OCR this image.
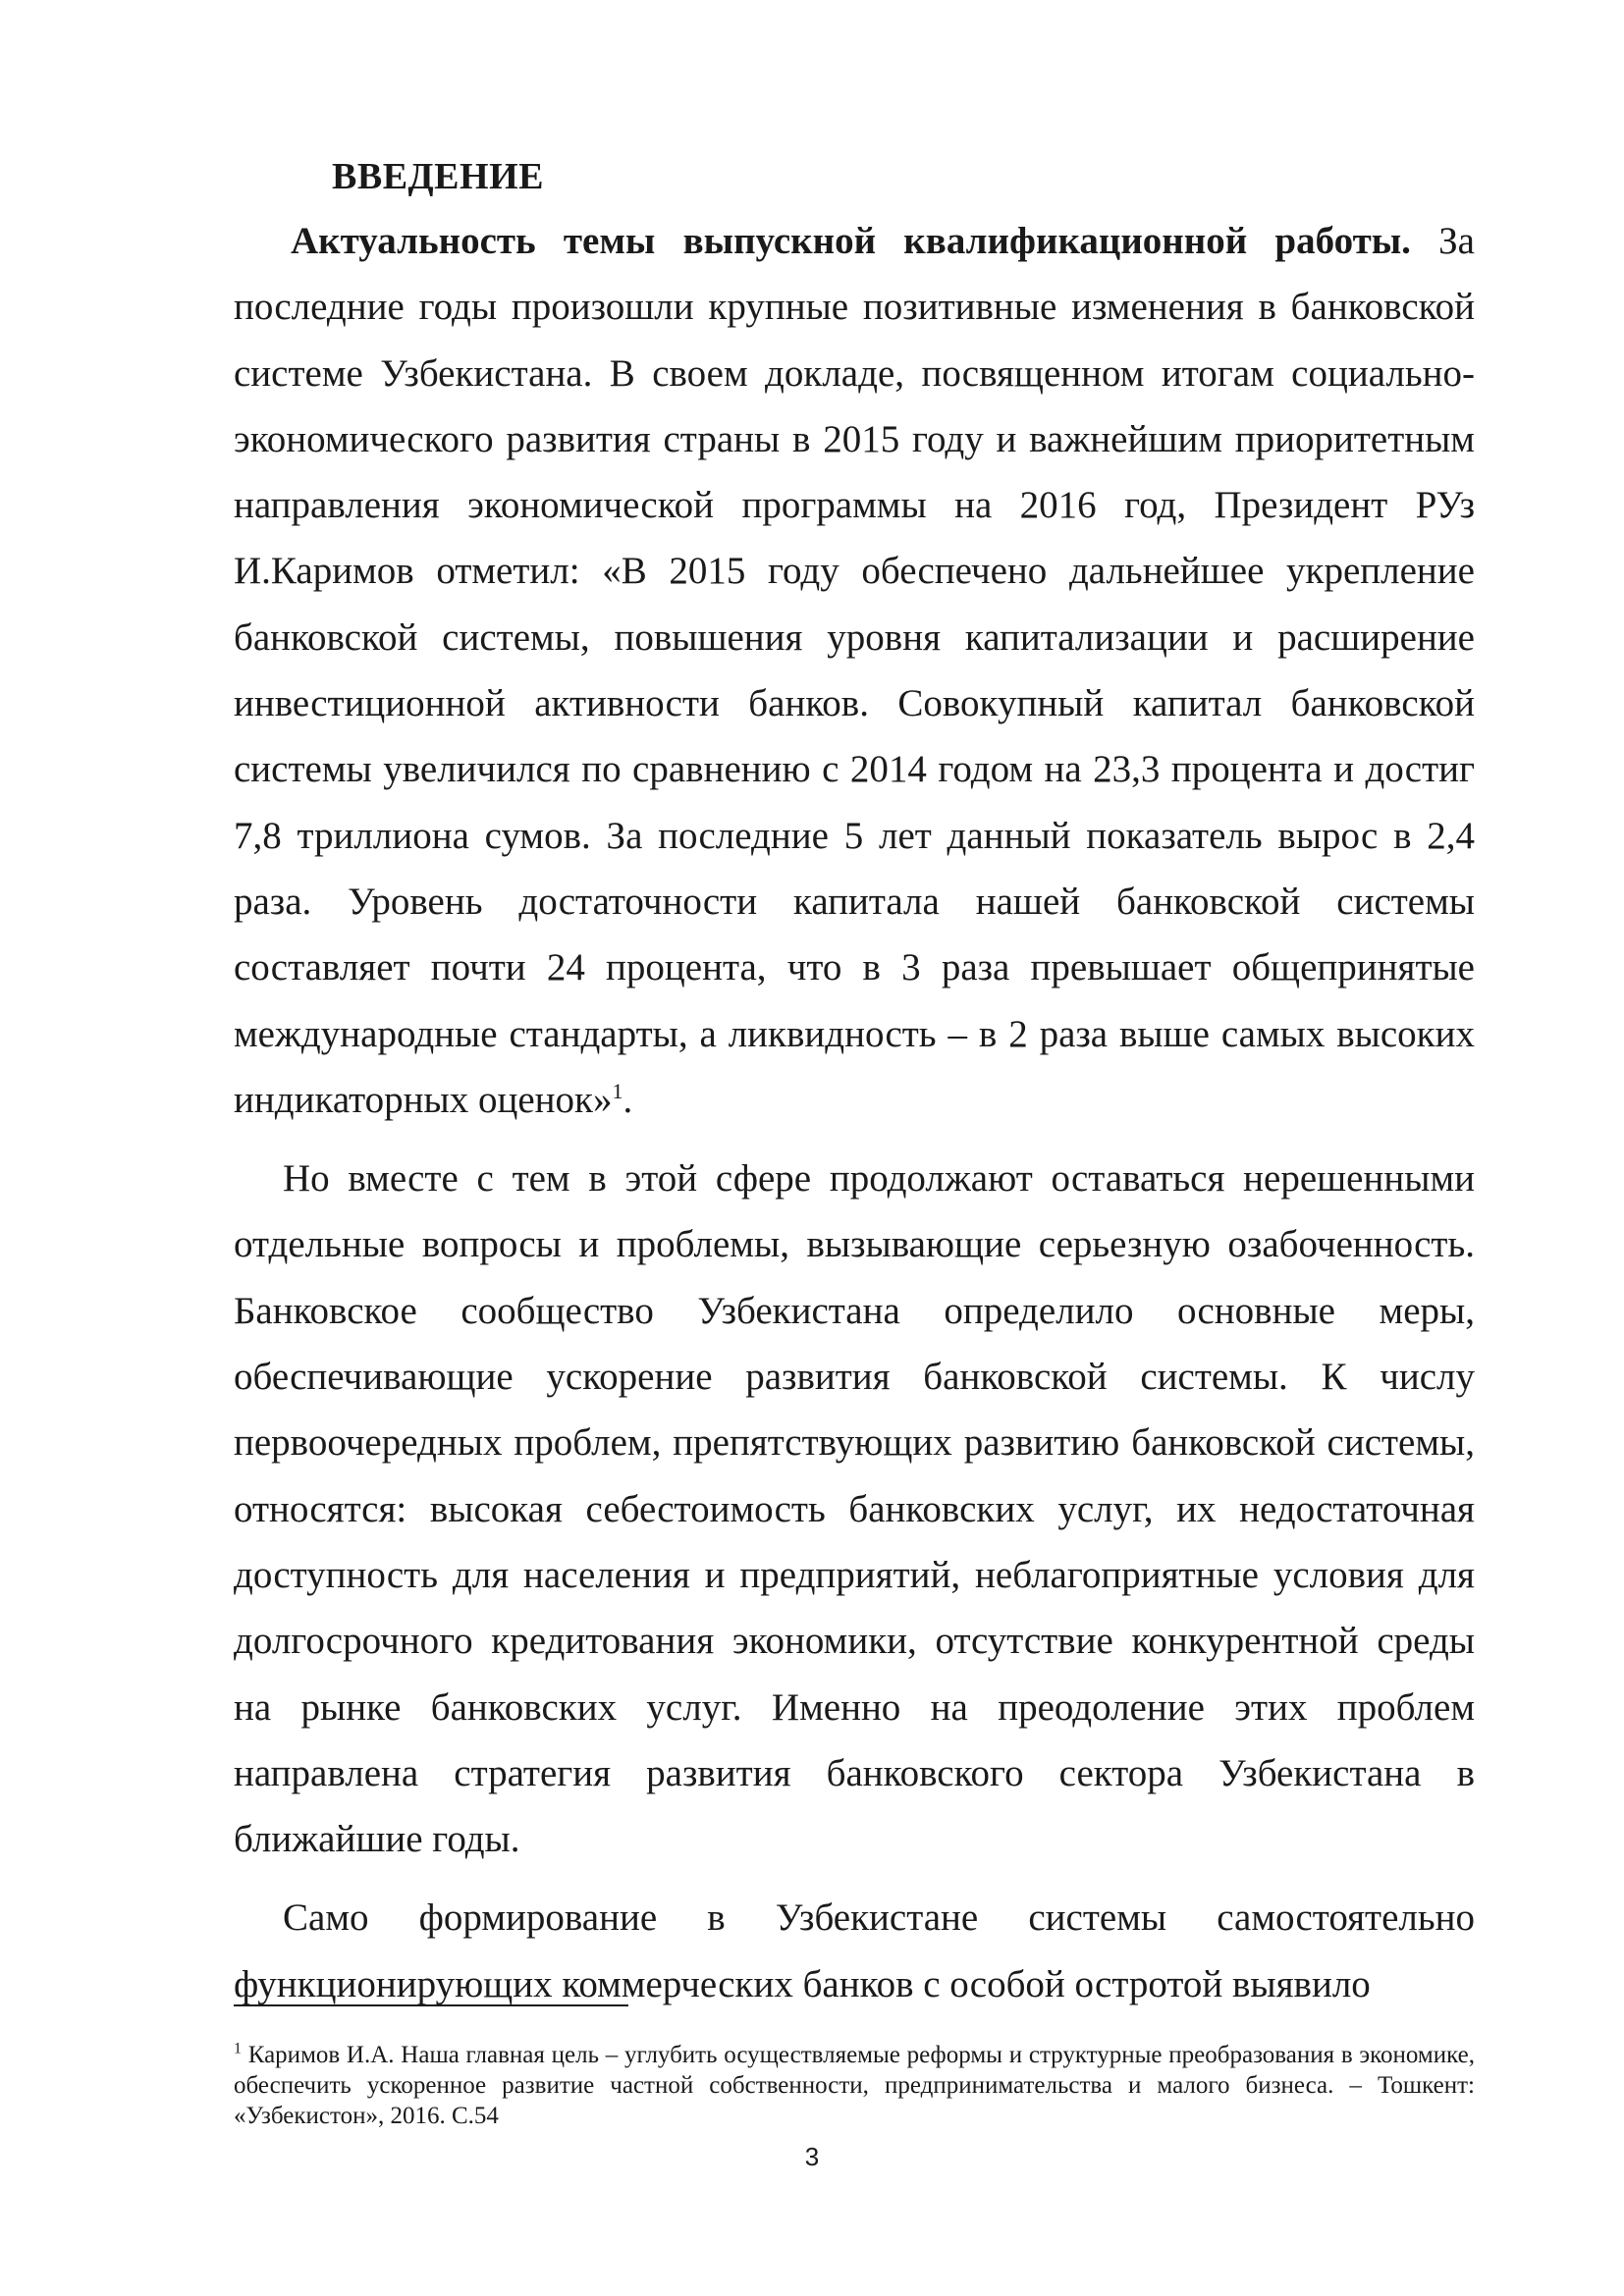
ВВЕДЕНИЕ

Актуальность темы выпускной квалификационной работы. За последние годы произошли крупные позитивные изменения в банковской системе Узбекистана. В своем докладе, посвященном итогам социально-экономического развития страны в 2015 году и важнейшим приоритетным направления экономической программы на 2016 год, Президент РУз И.Каримов отметил: «В 2015 году обеспечено дальнейшее укрепление банковской системы, повышения уровня капитализации и расширение инвестиционной активности банков. Совокупный капитал банковской системы увеличился по сравнению с 2014 годом на 23,3 процента и достиг 7,8 триллиона сумов. За последние 5 лет данный показатель вырос в 2,4 раза. Уровень достаточности капитала нашей банковской системы составляет почти 24 процента, что в 3 раза превышает общепринятые международные стандарты, а ликвидность – в 2 раза выше самых высоких индикаторных оценок»$^1$.

Но вместе с тем в этой сфере продолжают оставаться нерешенными отдельные вопросы и проблемы, вызывающие серьезную озабоченность. Банковское сообщество Узбекистана определило основные меры, обеспечивающие ускорение развития банковской системы. К числу первоочередных проблем, препятствующих развитию банковской системы, относятся: высокая себестоимость банковских услуг, их недостаточная доступность для населения и предприятий, неблагоприятные условия для долгосрочного кредитования экономики, отсутствие конкурентной среды на рынке банковских услуг. Именно на преодоление этих проблем направлена стратегия развития банковского сектора Узбекистана в ближайшие годы.

Само формирование в Узбекистане системы самостоятельно функционирующих коммерческих банков с особой остротой выявило

$^1$ Каримов И.А. Наша главная цель – углубить осуществляемые реформы и структурные преобразования в экономике, обеспечить ускоренное развитие частной собственности, предпринимательства и малого бизнеса. – Тошкент: «Узбекистон», 2016. С.54

3
